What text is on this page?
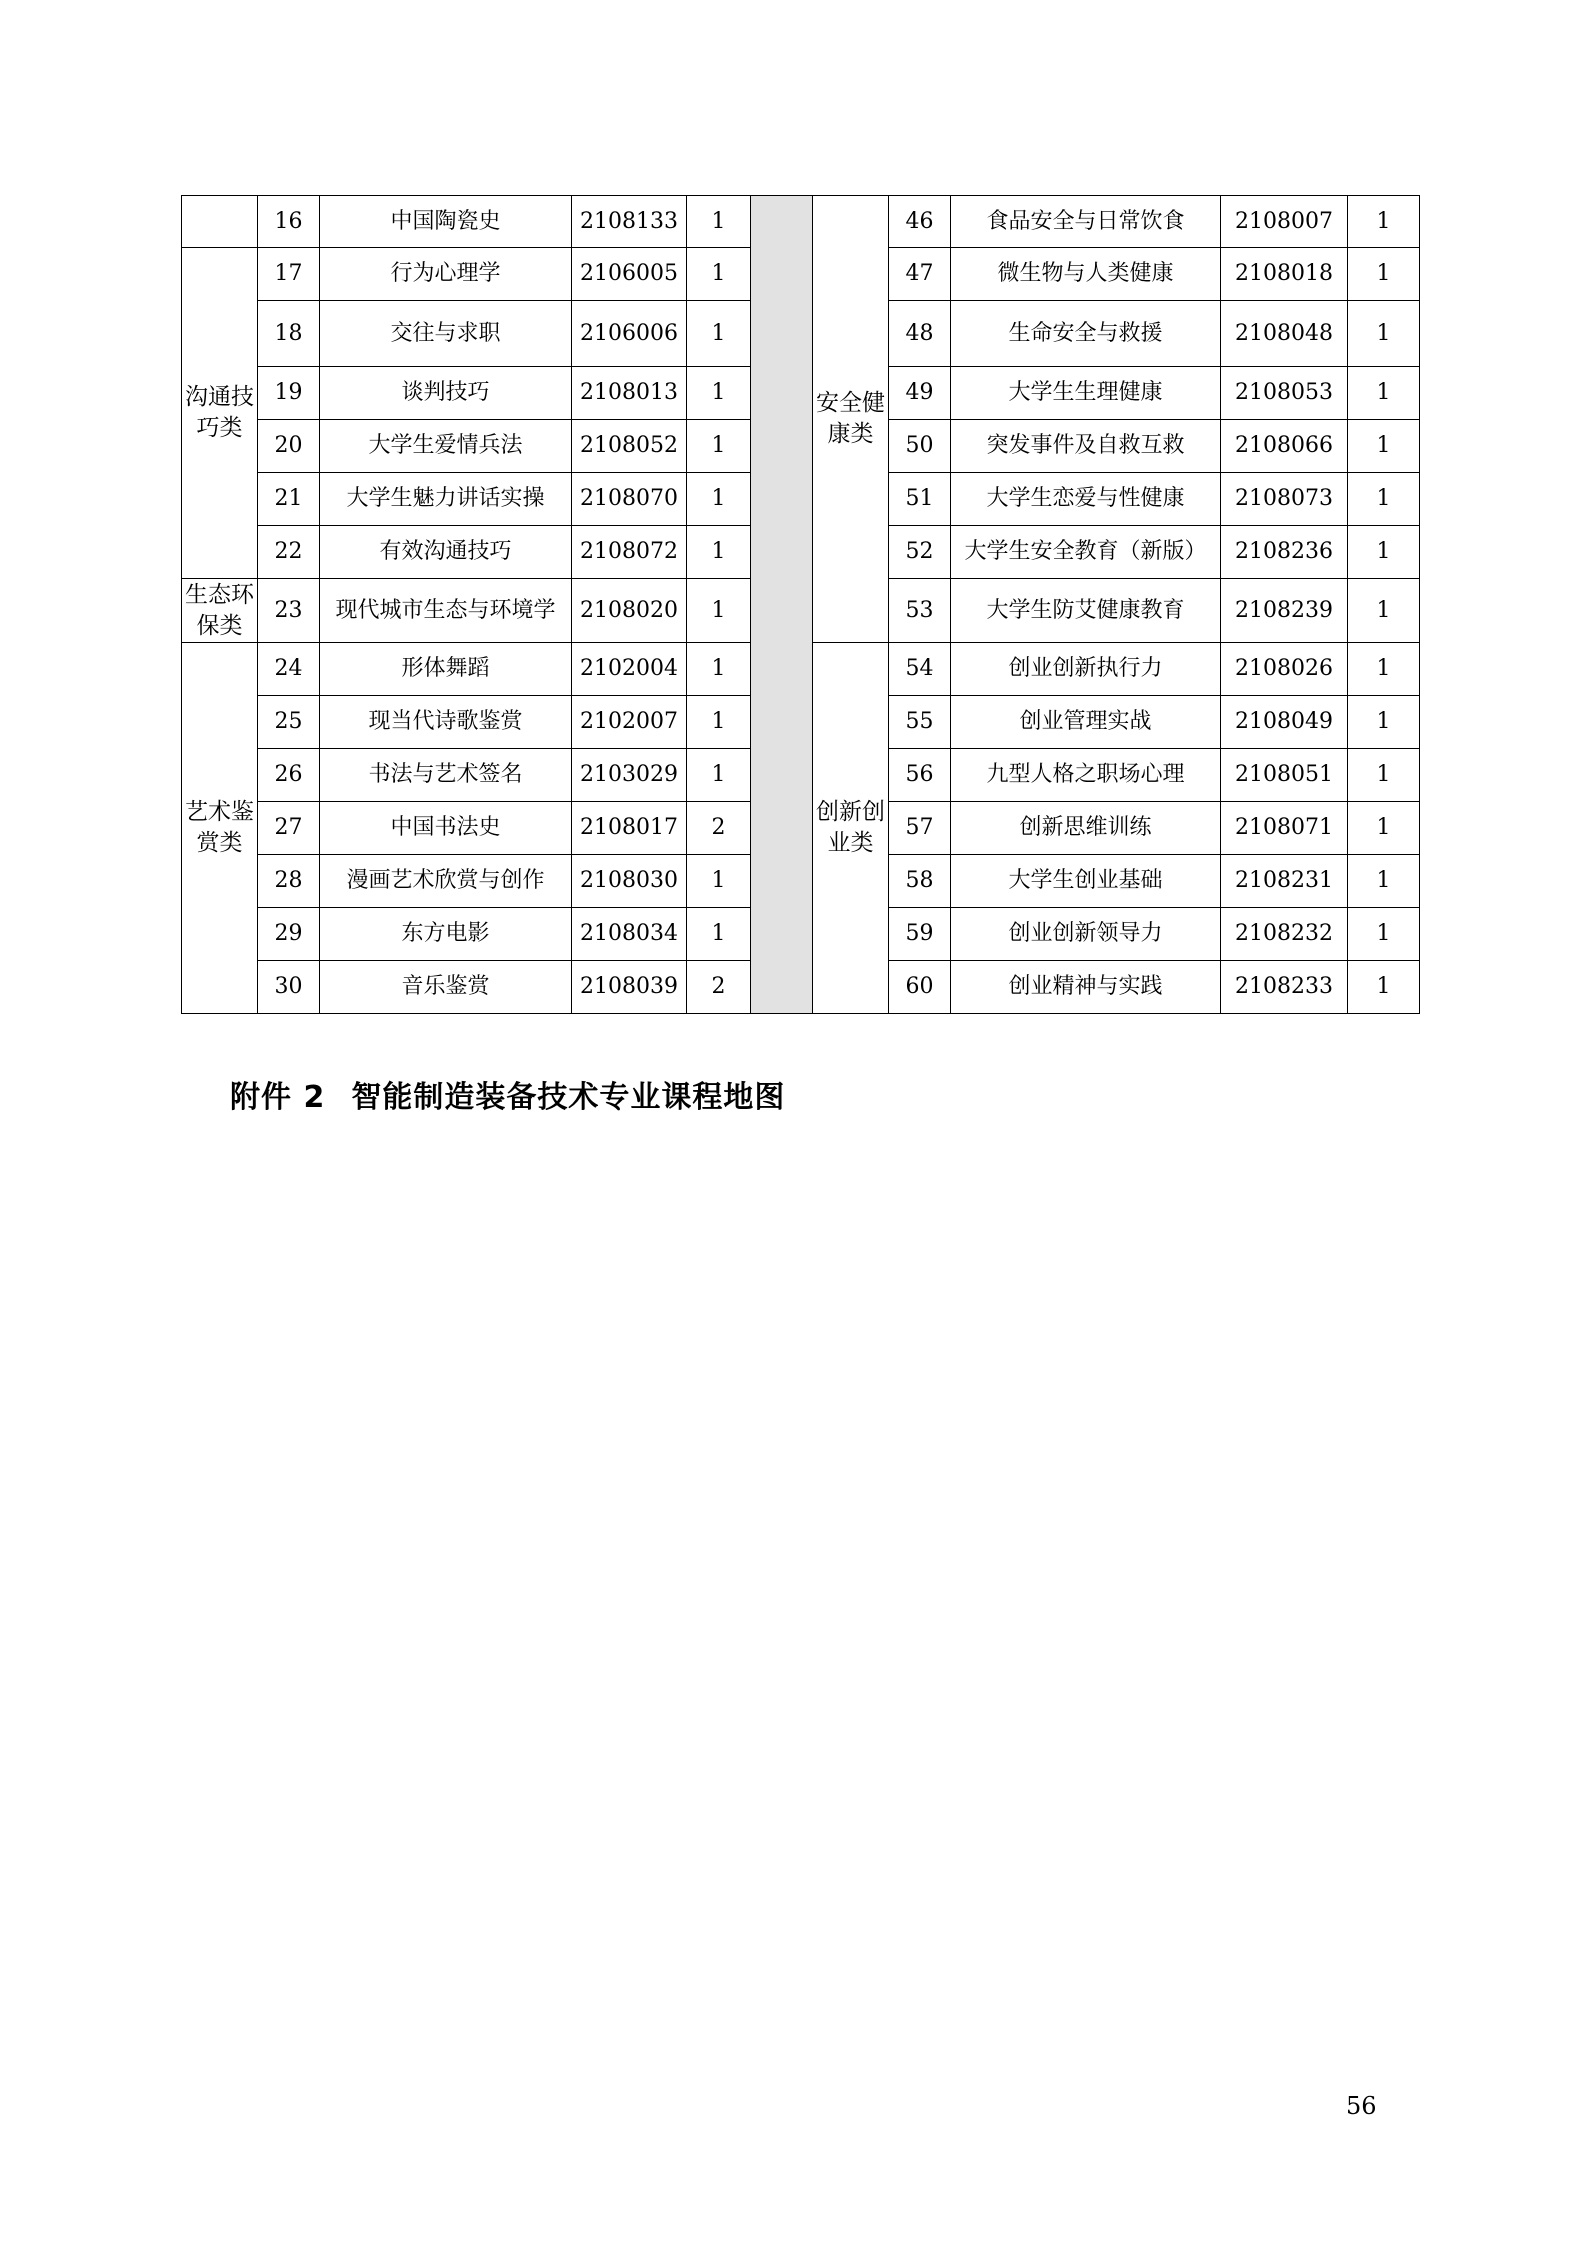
	16	中国陶瓷史	2108133	1		安全健康类	46	食品安全与日常饮食	2108007	1
沟通技巧类	17	行为心理学	2106005	1			47	微生物与人类健康	2108018	1
	18	交往与求职	2106006	1			48	生命安全与救援	2108048	1
	19	谈判技巧	2108013	1			49	大学生生理健康	2108053	1
	20	大学生爱情兵法	2108052	1			50	突发事件及自救互救	2108066	1
	21	大学生魅力讲话实操	2108070	1			51	大学生恋爱与性健康	2108073	1
	22	有效沟通技巧	2108072	1			52	大学生安全教育（新版）	2108236	1
生态环保类	23	现代城市生态与环境学	2108020	1			53	大学生防艾健康教育	2108239	1
艺术鉴赏类	24	形体舞蹈	2102004	1		创新创业类	54	创业创新执行力	2108026	1
	25	现当代诗歌鉴赏	2102007	1			55	创业管理实战	2108049	1
	26	书法与艺术签名	2103029	1			56	九型人格之职场心理	2108051	1
	27	中国书法史	2108017	2			57	创新思维训练	2108071	1
	28	漫画艺术欣赏与创作	2108030	1			58	大学生创业基础	2108231	1
	29	东方电影	2108034	1			59	创业创新领导力	2108232	1
	30	音乐鉴赏	2108039	2			60	创业精神与实践	2108233	1
附件 2 智能制造装备技术专业课程地图
56
